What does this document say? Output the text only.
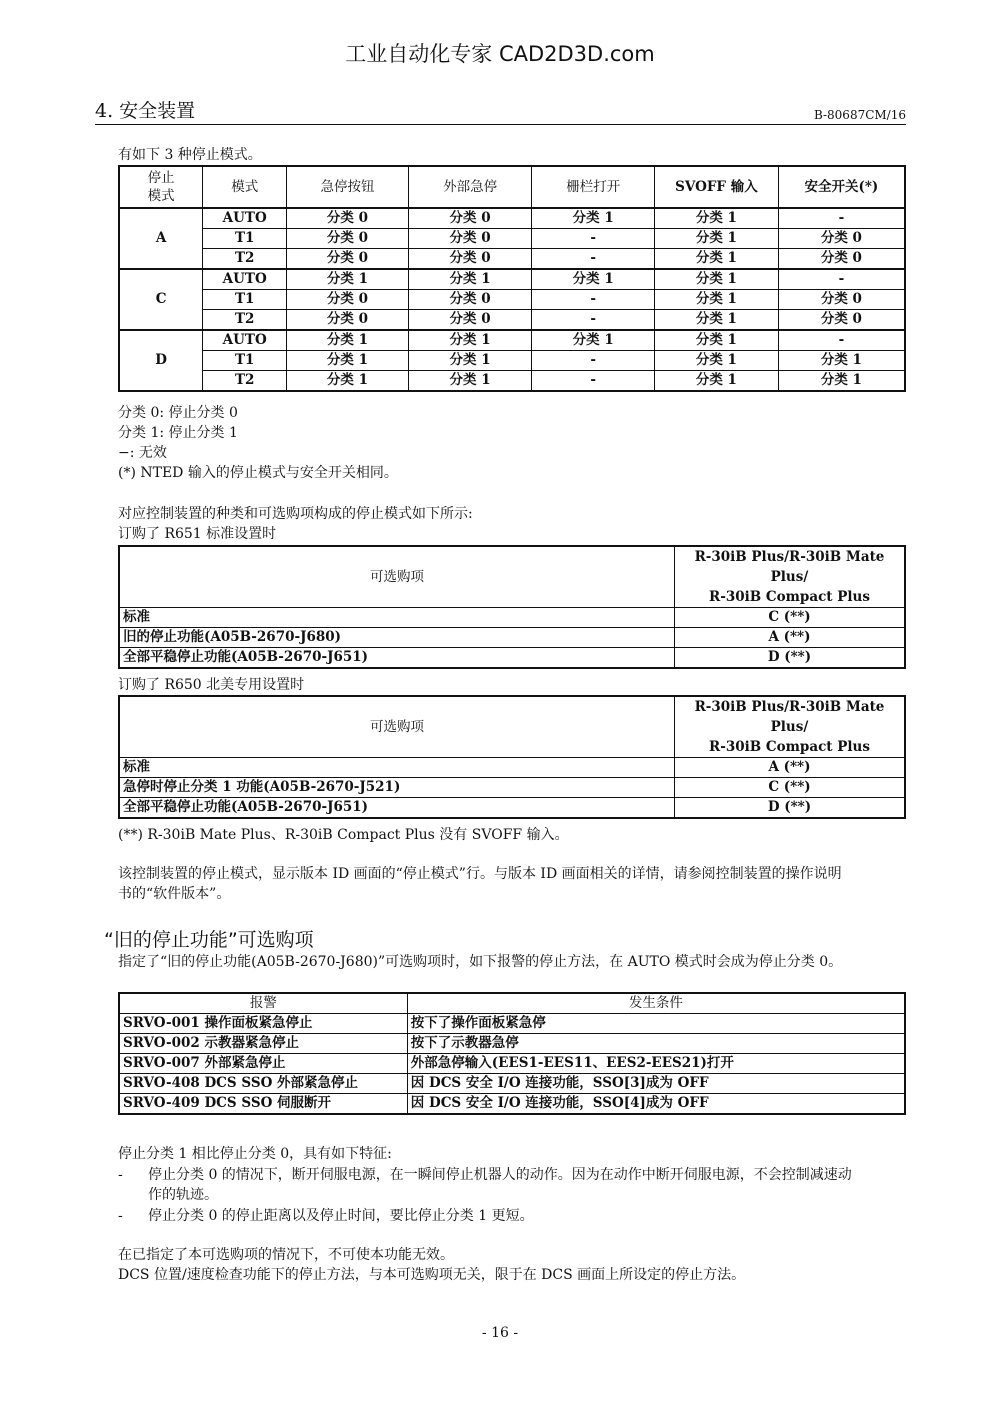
工业自动化专家 CAD2D3D.com
4. 安全装置	B-80687CM/16
有如下 3 种停止模式。
停止
模式	模式	急停按钮	外部急停	栅栏打开	SVOFF 输入	安全开关(*)
A	AUTO	分类 0	分类 0	分类 1	分类 1	-
	T1	分类 0	分类 0	-	分类 1	分类 0
	T2	分类 0	分类 0	-	分类 1	分类 0
C	AUTO	分类 1	分类 1	分类 1	分类 1	-
	T1	分类 0	分类 0	-	分类 1	分类 0
	T2	分类 0	分类 0	-	分类 1	分类 0
D	AUTO	分类 1	分类 1	分类 1	分类 1	-
	T1	分类 1	分类 1	-	分类 1	分类 1
	T2	分类 1	分类 1	-	分类 1	分类 1
分类 0: 停止分类 0
分类 1: 停止分类 1
−: 无效
(*) NTED 输入的停止模式与安全开关相同。
对应控制装置的种类和可选购项构成的停止模式如下所示:
订购了 R651 标准设置时
可选购项	R-30iB Plus/R-30iB Mate Plus/
R-30iB Compact Plus
标准	C (**)
旧的停止功能(A05B-2670-J680)	A (**)
全部平稳停止功能(A05B-2670-J651)	D (**)
订购了 R650 北美专用设置时
可选购项	R-30iB Plus/R-30iB Mate Plus/
R-30iB Compact Plus
标准	A (**)
急停时停止分类 1 功能(A05B-2670-J521)	C (**)
全部平稳停止功能(A05B-2670-J651)	D (**)
(**) R-30iB Mate Plus、R-30iB Compact Plus 没有 SVOFF 输入。
该控制装置的停止模式，显示版本 ID 画面的“停止模式”行。与版本 ID 画面相关的详情，请参阅控制装置的操作说明
书的“软件版本”。
“旧的停止功能”可选购项
指定了“旧的停止功能(A05B-2670-J680)”可选购项时，如下报警的停止方法，在 AUTO 模式时会成为停止分类 0。
报警	发生条件
SRVO-001 操作面板紧急停止	按下了操作面板紧急停
SRVO-002 示教器紧急停止	按下了示教器急停
SRVO-007 外部紧急停止	外部急停输入(EES1-EES11、EES2-EES21)打开
SRVO-408 DCS SSO 外部紧急停止	因 DCS 安全 I/O 连接功能，SSO[3]成为 OFF
SRVO-409 DCS SSO 伺服断开	因 DCS 安全 I/O 连接功能，SSO[4]成为 OFF
停止分类 1 相比停止分类 0，具有如下特征:
- 停止分类 0 的情况下，断开伺服电源，在一瞬间停止机器人的动作。因为在动作中断开伺服电源，不会控制减速动
作的轨迹。
- 停止分类 0 的停止距离以及停止时间，要比停止分类 1 更短。
在已指定了本可选购项的情况下，不可使本功能无效。
DCS 位置/速度检查功能下的停止方法，与本可选购项无关，限于在 DCS 画面上所设定的停止方法。
- 16 -
